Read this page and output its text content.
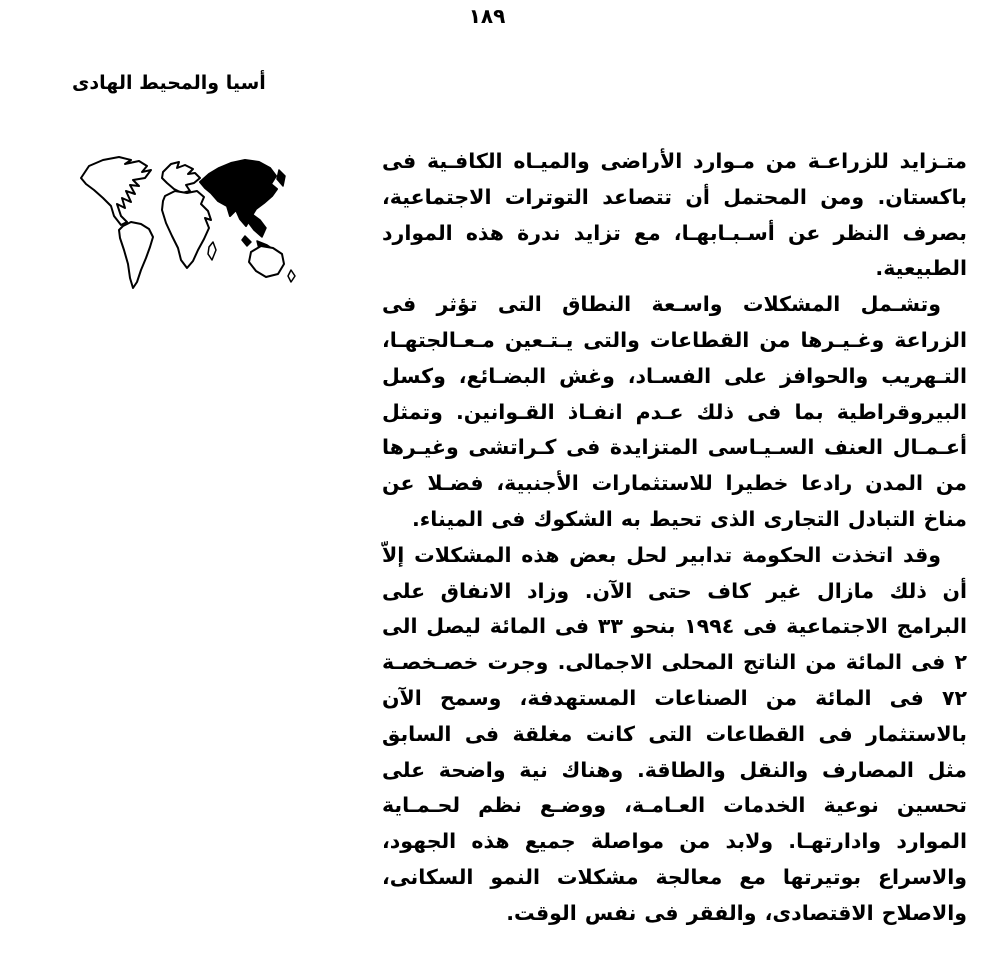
١٨٩
أسيا والمحيط الهادى

متـزايد للزراعـة من مـوارد الأراضى والميـاه الكافـية فى باكستان. ومن المحتمل أن تتصاعد التوترات الاجتماعية، بصرف النظر عن أسـبـابهـا، مع تزايد ندرة هذه الموارد الطبيعية.

وتشـمل المشكلات واسـعة النطاق التى تؤثر فى الزراعة وغـيـرها من القطاعات والتى يـتـعين مـعـالجتهـا، التـهريب والحوافز على الفسـاد، وغش البضـائع، وكسل البيروقراطية بما فى ذلك عـدم انفـاذ القـوانين. وتمثل أعـمـال العنف السـيـاسى المتزايدة فى كـراتشى وغيـرها من المدن رادعا خطيرا للاستثمارات الأجنبية، فضـلا عن مناخ التبادل التجارى الذى تحيط به الشكوك فى الميناء.

وقد اتخذت الحكومة تدابير لحل بعض هذه المشكلات إلاّ أن ذلك مازال غير كاف حتى الآن. وزاد الانفاق على البرامج الاجتماعية فى ١٩٩٤ بنحو ٣٣ فى المائة ليصل الى ٢ فى المائة من الناتج المحلى الاجمالى. وجرت خصـخصـة ٧٢ فى المائة من الصناعات المستهدفة، وسمح الآن بالاستثمار فى القطاعات التى كانت مغلقة فى السابق مثل المصارف والنقل والطاقة. وهناك نية واضحة على تحسين نوعية الخدمات العـامـة، ووضـع نظم لحـمـاية الموارد وادارتهـا. ولابد من مواصلة جميع هذه الجهود، والاسراع بوتيرتها مع معالجة مشكلات النمو السكانى، والاصلاح الاقتصادى، والفقر فى نفس الوقت.
